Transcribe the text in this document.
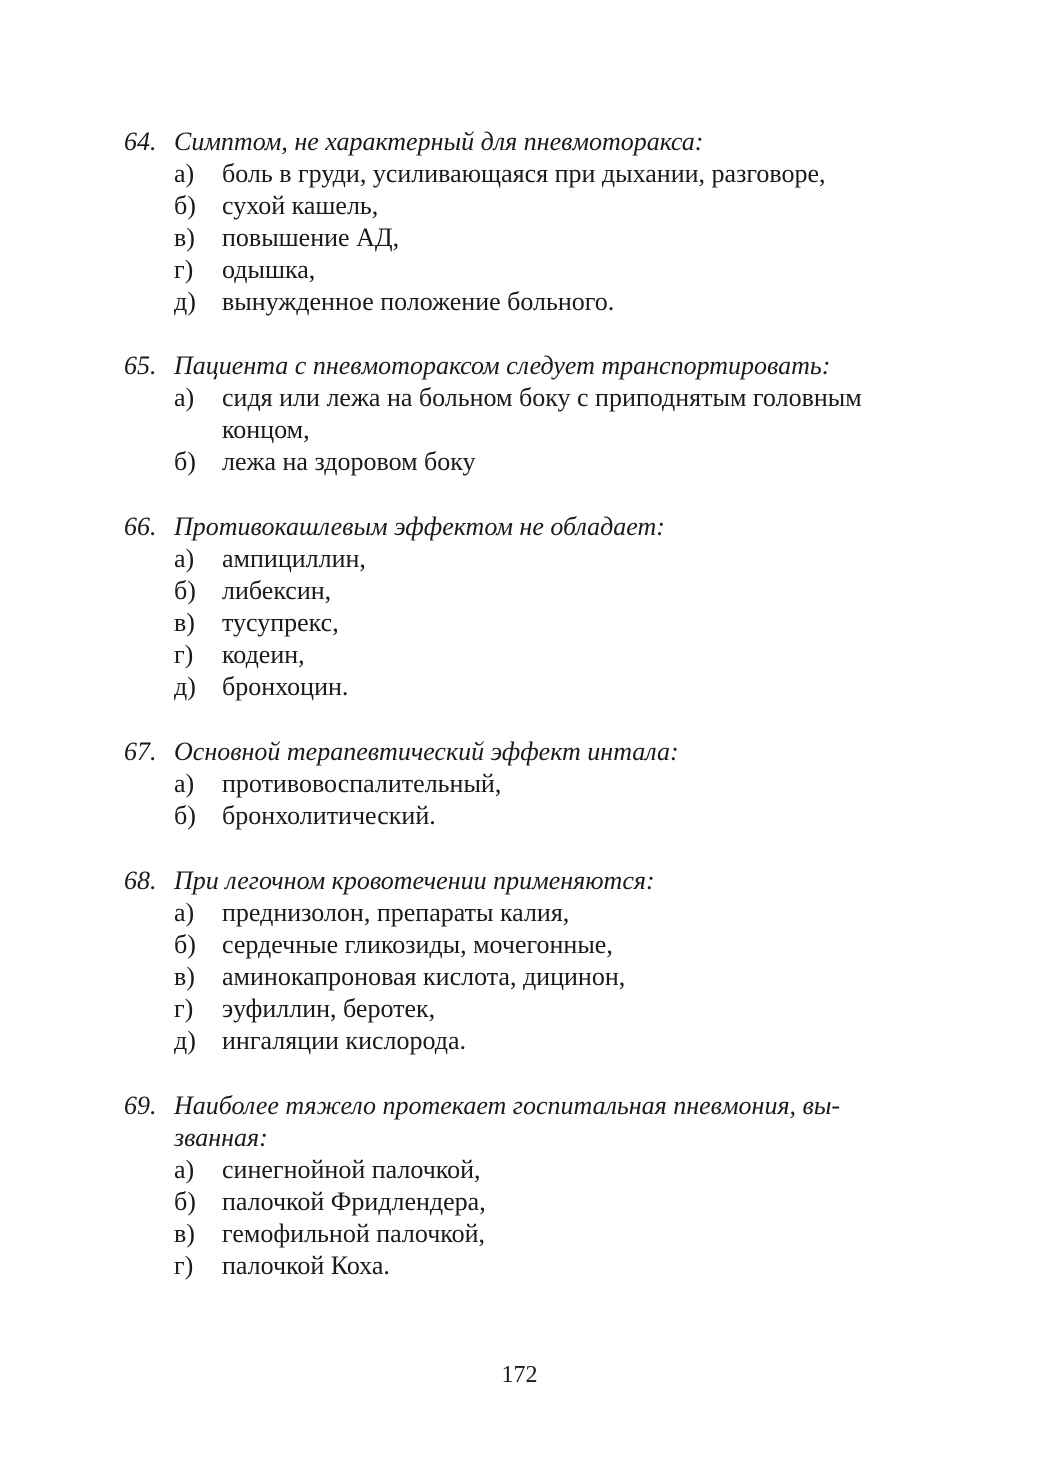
64. Симптом, не характерный для пневмоторакса:
а) боль в груди, усиливающаяся при дыхании, разговоре,
б) сухой кашель,
в) повышение АД,
г) одышка,
д) вынужденное положение больного.
65. Пациента с пневмотораксом следует транспортировать:
а) сидя или лежа на больном боку с приподнятым головным
концом,
б) лежа на здоровом боку
66. Противокашлевым эффектом не обладает:
а) ампициллин,
б) либексин,
в) тусупрекс,
г) кодеин,
д) бронхоцин.
67. Основной терапевтический эффект интала:
а) противовоспалительный,
б) бронхолитический.
68. При легочном кровотечении применяются:
а) преднизолон, препараты калия,
б) сердечные гликозиды, мочегонные,
в) аминокапроновая кислота, дицинон,
г) эуфиллин, беротек,
д) ингаляции кислорода.
69. Наиболее тяжело протекает госпитальная пневмония, вы-
званная:
а) синегнойной палочкой,
б) палочкой Фридлендера,
в) гемофильной палочкой,
г) палочкой Коха.
172
